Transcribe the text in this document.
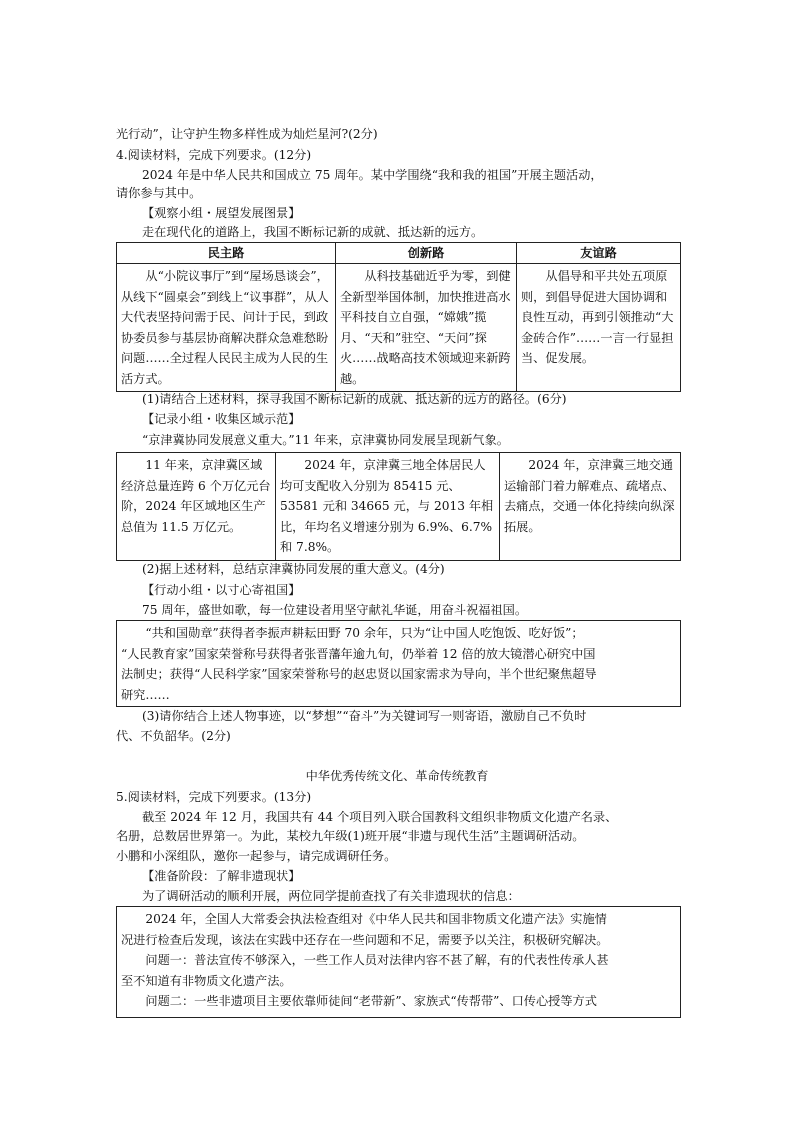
光行动”，让守护生物多样性成为灿烂星河?(2分)
4.阅读材料，完成下列要求。(12分)
2024 年是中华人民共和国成立 75 周年。某中学围绕“我和我的祖国”开展主题活动，
请你参与其中。
【观察小组・展望发展图景】
走在现代化的道路上，我国不断标记新的成就、抵达新的远方。
民主路	创新路	友谊路

从“小院议事厅”到“屋场恳谈会”，从线下“圆桌会”到线上“议事群”，从人大代表坚持问需于民、问计于民，到政协委员参与基层协商解决群众急难愁盼问题……全过程人民民主成为人民的生活方式。	从科技基础近乎为零，到健全新型举国体制，加快推进高水平科技自立自强，“嫦娥”揽月、“天和”驻空、“天问”探火……战略高技术领域迎来新跨越。	从倡导和平共处五项原则，到倡导促进大国协调和良性互动，再到引领推动“大金砖合作”……一言一行显担当、促发展。

(1)请结合上述材料，探寻我国不断标记新的成就、抵达新的远方的路径。(6分)
【记录小组・收集区域示范】
“京津冀协同发展意义重大。”11 年来，京津冀协同发展呈现新气象。
11 年来，京津冀区域经济总量连跨 6 个万亿元台阶，2024 年区域地区生产总值为 11.5 万亿元。	2024 年，京津冀三地全体居民人均可支配收入分别为 85415 元、53581 元和 34665 元，与 2013 年相比，年均名义增速分别为 6.9%、6.7% 和 7.8%。	2024 年，京津冀三地交通运输部门着力解难点、疏堵点、去痛点，交通一体化持续向纵深拓展。
(2)据上述材料，总结京津冀协同发展的重大意义。(4分)
【行动小组・以寸心寄祖国】
75 周年，盛世如歌，每一位建设者用坚守献礼华诞，用奋斗祝福祖国。

“共和国勋章”获得者李振声耕耘田野 70 余年，只为“让中国人吃饱饭、吃好饭”；

“人民教育家”国家荣誉称号获得者张晋藩年逾九旬，仍举着 12 倍的放大镜潜心研究中国

法制史；获得“人民科学家”国家荣誉称号的赵忠贤以国家需求为导向，半个世纪聚焦超导

研究……

(3)请你结合上述人物事迹，以“梦想”“奋斗”为关键词写一则寄语，激励自己不负时
代、不负韶华。(2分)
中华优秀传统文化、革命传统教育
5.阅读材料，完成下列要求。(13分)
截至 2024 年 12 月，我国共有 44 个项目列入联合国教科文组织非物质文化遗产名录、
名册，总数居世界第一。为此，某校九年级(1)班开展“非遗与现代生活”主题调研活动。
小鹏和小深组队，邀你一起参与，请完成调研任务。
【准备阶段：了解非遗现状】
为了调研活动的顺利开展，两位同学提前查找了有关非遗现状的信息：

2024 年，全国人大常委会执法检查组对《中华人民共和国非物质文化遗产法》实施情

况进行检查后发现，该法在实践中还存在一些问题和不足，需要予以关注，积极研究解决。

问题一：普法宣传不够深入，一些工作人员对法律内容不甚了解，有的代表性传承人甚

至不知道有非物质文化遗产法。

问题二：一些非遗项目主要依靠师徒间“老带新”、家族式“传帮带”、口传心授等方式
